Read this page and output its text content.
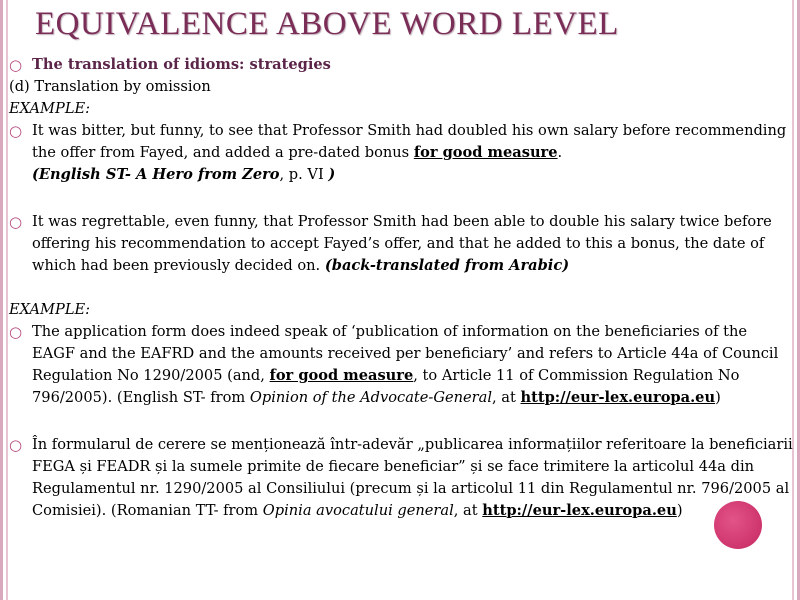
EQUIVALENCE ABOVE WORD LEVEL

○ The translation of idioms: strategies

(d) Translation by omission

EXAMPLE:

○ It was bitter, but funny, to see that Professor Smith had doubled his own salary before recommending the offer from Fayed, and added a pre-dated bonus for good measure.
(English ST- A Hero from Zero, p. VI )

○ It was regrettable, even funny, that Professor Smith had been able to double his salary twice before offering his recommendation to accept Fayed’s offer, and that he added to this a bonus, the date of which had been previously decided on. (back-translated from Arabic)

EXAMPLE:

○ The application form does indeed speak of ‘publication of information on the beneficiaries of the EAGF and the EAFRD and the amounts received per beneficiary’ and refers to Article 44a of Council Regulation No 1290/2005 (and, for good measure, to Article 11 of Commission Regulation No 796/2005). (English ST- from Opinion of the Advocate-General, at http://eur-lex.europa.eu)

○ În formularul de cerere se menționează într-adevăr „publicarea informațiilor referitoare la beneficiarii FEGA și FEADR și la sumele primite de fiecare beneficiar” și se face trimitere la articolul 44a din Regulamentul nr. 1290/2005 al Consiliului (precum și la articolul 11 din Regulamentul nr. 796/2005 al Comisiei). (Romanian TT- from Opinia avocatului general, at http://eur-lex.europa.eu)
